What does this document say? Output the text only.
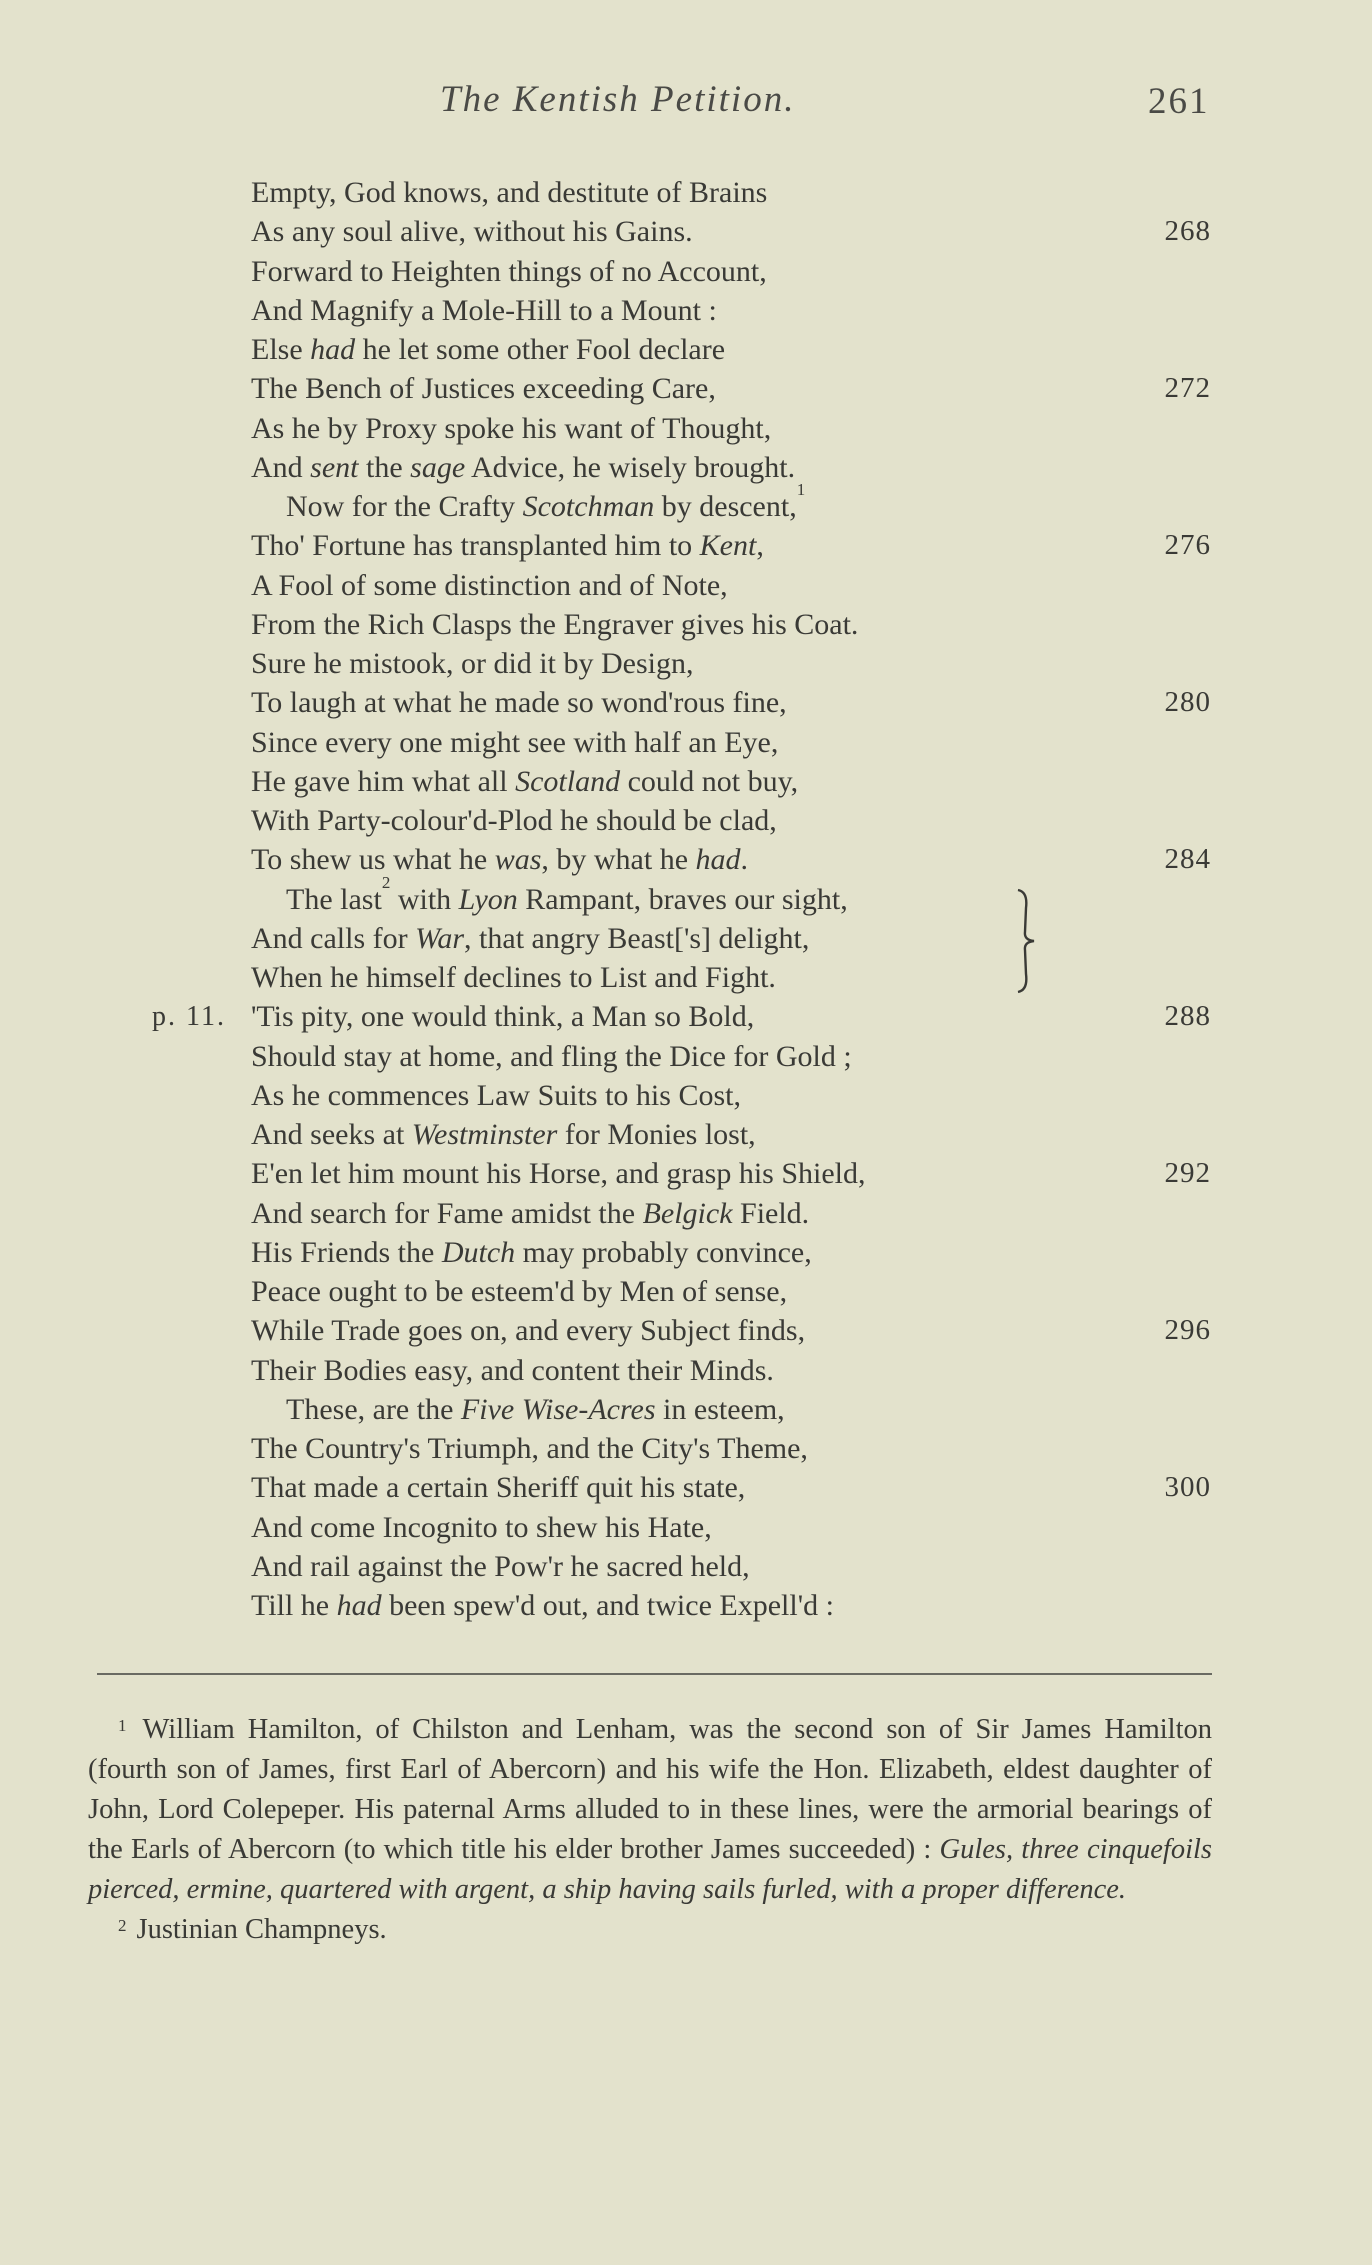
The Kentish Petition.	261
Empty, God knows, and destitute of Brains
As any soul alive, without his Gains.	268
Forward to Heighten things of no Account,
And Magnify a Mole-Hill to a Mount :
Else had he let some other Fool declare
The Bench of Justices exceeding Care,	272
As he by Proxy spoke his want of Thought,
And sent the sage Advice, he wisely brought.
Now for the Crafty Scotchman by descent,$^1$
Tho' Fortune has transplanted him to Kent,	276
A Fool of some distinction and of Note,
From the Rich Clasps the Engraver gives his Coat.
Sure he mistook, or did it by Design,
To laugh at what he made so wond'rous fine,	280
Since every one might see with half an Eye,
He gave him what all Scotland could not buy,
With Party-colour'd-Plod he should be clad,
To shew us what he was, by what he had.	284
The last$^2$ with Lyon Rampant, braves our sight,
And calls for War, that angry Beast['s] delight,
When he himself declines to List and Fight.
'Tis pity, one would think, a Man so Bold,
p. 11.	288
Should stay at home, and fling the Dice for Gold ;
As he commences Law Suits to his Cost,
And seeks at Westminster for Monies lost,
E'en let him mount his Horse, and grasp his Shield,	292
And search for Fame amidst the Belgick Field.
His Friends the Dutch may probably convince,
Peace ought to be esteem'd by Men of sense,
While Trade goes on, and every Subject finds,	296
Their Bodies easy, and content their Minds.
These, are the Five Wise-Acres in esteem,
The Country's Triumph, and the City's Theme,
That made a certain Sheriff quit his state,	300
And come Incognito to shew his Hate,
And rail against the Pow'r he sacred held,
Till he had been spew'd out, and twice Expell'd :
$^1$ William Hamilton, of Chilston and Lenham, was the second son of Sir James Hamilton (fourth son of James, first Earl of Abercorn) and his wife the Hon. Elizabeth, eldest daughter of John, Lord Colepeper. His paternal Arms alluded to in these lines, were the armorial bearings of the Earls of Abercorn (to which title his elder brother James succeeded) : Gules, three cinquefoils pierced, ermine, quartered with argent, a ship having sails furled, with a proper difference.
$^2$ Justinian Champneys.
